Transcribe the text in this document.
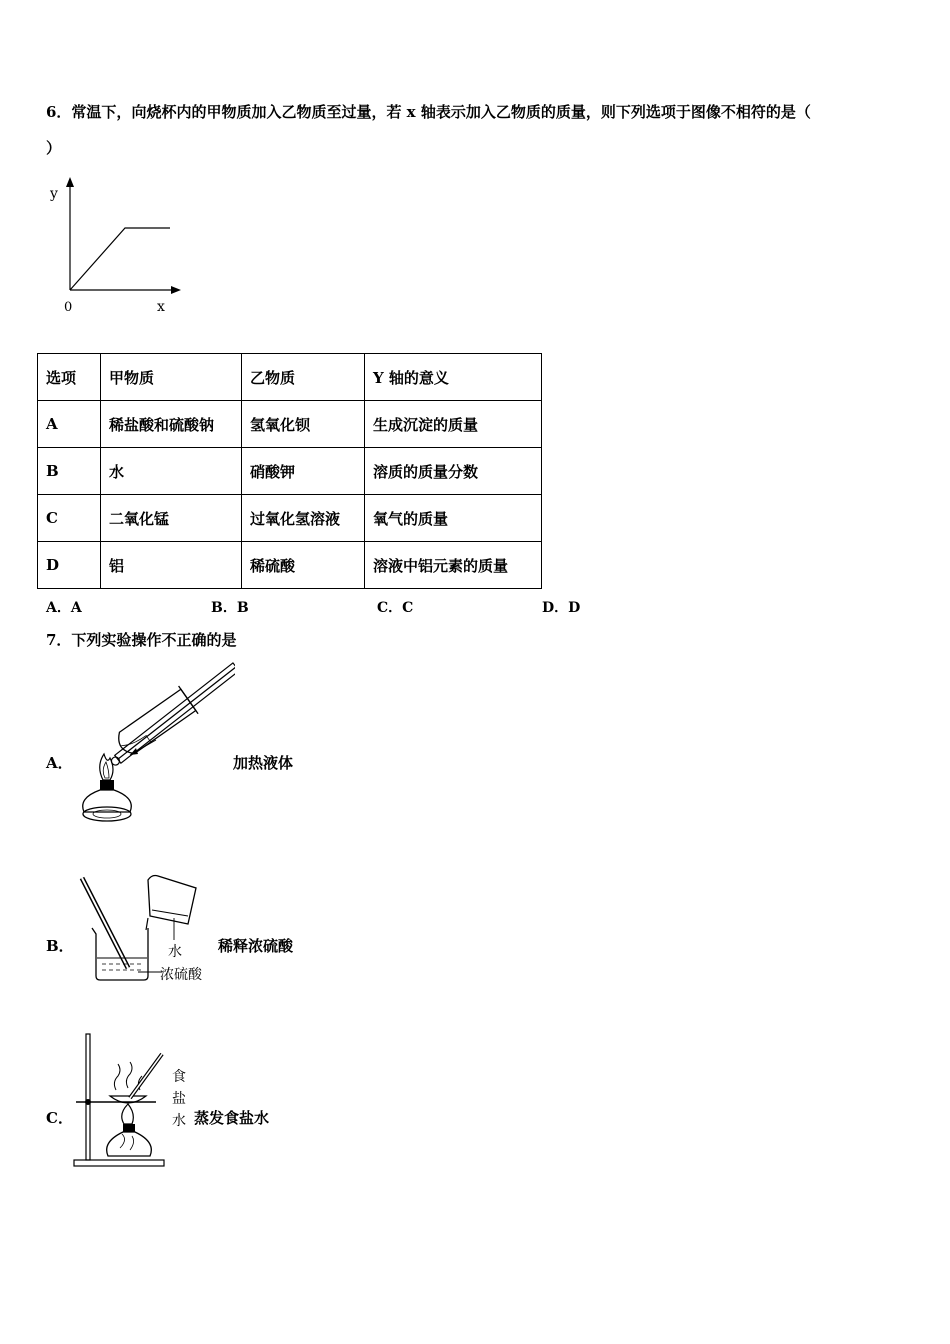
6．常温下，向烧杯内的甲物质加入乙物质至过量，若 x 轴表示加入乙物质的质量，则下列选项于图像不相符的是（
）
y
0	x
选项	甲物质	乙物质	Y 轴的意义
A	稀盐酸和硫酸钠	氢氧化钡	生成沉淀的质量
B	水	硝酸钾	溶质的质量分数
C	二氧化锰	过氧化氢溶液	氧气的质量
D	铝	稀硫酸	溶液中铝元素的质量
A．A	B．B	C．C	D．D
7．下列实验操作不正确的是
A．	加热液体
B．	水
浓硫酸
稀释浓硫酸
C．
食
盐
水 蒸发食盐水
